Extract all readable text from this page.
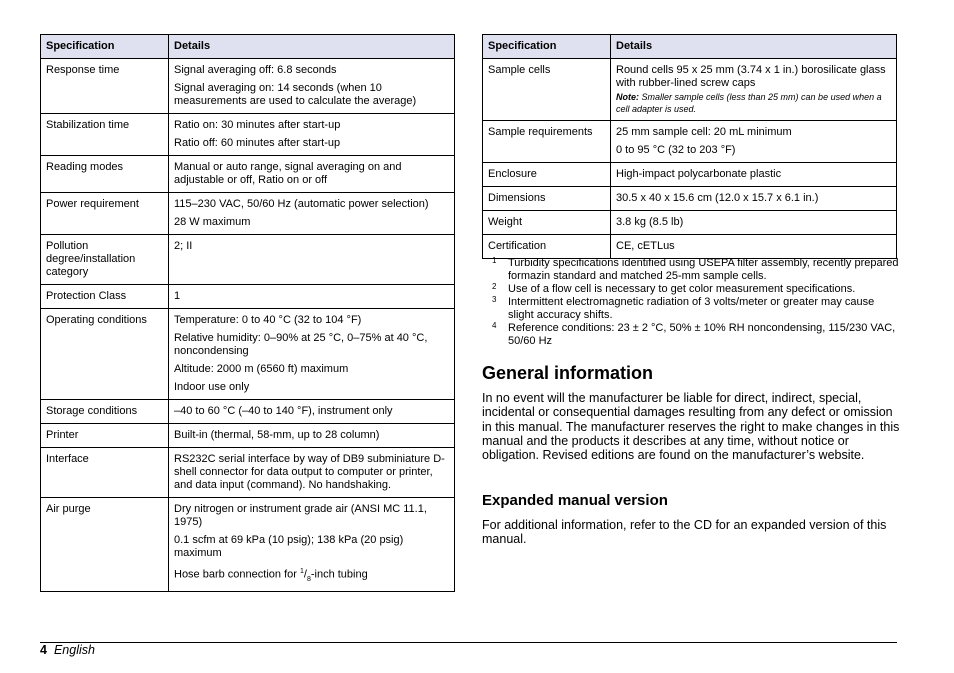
Specification	Details

Response time	Signal averaging off: 6.8 seconds

Signal averaging on: 14 seconds (when 10 measurements are used to calculate the average)

Stabilization time	Ratio on: 30 minutes after start-up

Ratio off: 60 minutes after start-up

Reading modes	Manual or auto range, signal averaging on and adjustable or off, Ratio on or off

Power requirement	115–230 VAC, 50/60 Hz (automatic power selection)

28 W maximum

Pollution degree/installation category	2; II

Protection Class	1

Operating conditions	Temperature: 0 to 40 °C (32 to 104 °F)

Relative humidity: 0–90% at 25 °C, 0–75% at 40 °C, noncondensing

Altitude: 2000 m (6560 ft) maximum

Indoor use only

Storage conditions	–40 to 60 °C (–40 to 140 °F), instrument only

Printer	Built-in (thermal, 58-mm, up to 28 column)

Interface	RS232C serial interface by way of DB9 subminiature D-shell connector for data output to computer or printer, and data input (command). No handshaking.

Air purge	Dry nitrogen or instrument grade air (ANSI MC 11.1, 1975)

0.1 scfm at 69 kPa (10 psig); 138 kPa (20 psig) maximum

Hose barb connection for $^1/_8$-inch tubing

Specification	Details

Sample cells	Round cells 95 x 25 mm (3.74 x 1 in.) borosilicate glass with rubber-lined screw caps

Note: Smaller sample cells (less than 25 mm) can be used when a cell adapter is used.

Sample requirements	25 mm sample cell: 20 mL minimum

0 to 95 °C (32 to 203 °F)

Enclosure	High-impact polycarbonate plastic

Dimensions	30.5 x 40 x 15.6 cm (12.0 x 15.7 x 6.1 in.)

Weight	3.8 kg (8.5 lb)

Certification	CE, cETLus

1 Turbidity specifications identified using USEPA filter assembly, recently prepared formazin standard and matched 25-mm sample cells.
2 Use of a flow cell is necessary to get color measurement specifications.
3 Intermittent electromagnetic radiation of 3 volts/meter or greater may cause slight accuracy shifts.
4 Reference conditions: 23 ± 2 °C, 50% ± 10% RH noncondensing, 115/230 VAC, 50/60 Hz
General information

In no event will the manufacturer be liable for direct, indirect, special, incidental or consequential damages resulting from any defect or omission in this manual. The manufacturer reserves the right to make changes in this manual and the products it describes at any time, without notice or obligation. Revised editions are found on the manufacturer’s website.

Expanded manual version

For additional information, refer to the CD for an expanded version of this manual.

4 English
